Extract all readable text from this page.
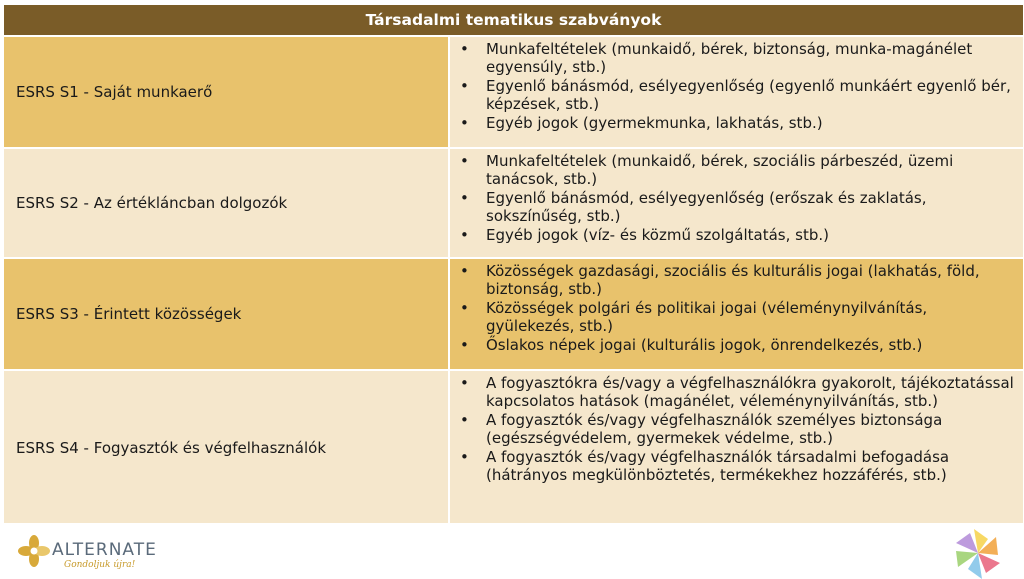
Társadalmi tematikus szabványok
ESRS S1 - Saját munkaerő
• Munkafeltételek (munkaidő, bérek, biztonság, munka-magánélet egyensúly, stb.)
• Egyenlő bánásmód, esélyegyenlőség (egyenlő munkáért egyenlő bér, képzések, stb.)
• Egyéb jogok (gyermekmunka, lakhatás, stb.)
ESRS S2 - Az értékláncban dolgozók
• Munkafeltételek (munkaidő, bérek, szociális párbeszéd, üzemi tanácsok, stb.)
• Egyenlő bánásmód, esélyegyenlőség (erőszak és zaklatás, sokszínűség, stb.)
• Egyéb jogok (víz- és közmű szolgáltatás, stb.)
ESRS S3 - Érintett közösségek
• Közösségek gazdasági, szociális és kulturális jogai (lakhatás, föld, biztonság, stb.)
• Közösségek polgári és politikai jogai (véleménynyilvánítás, gyülekezés, stb.)
• Őslakos népek jogai (kulturális jogok, önrendelkezés, stb.)
ESRS S4 - Fogyasztók és végfelhasználók
• A fogyasztókra és/vagy a végfelhasználókra gyakorolt, tájékoztatással kapcsolatos hatások (magánélet, véleménynyilvánítás, stb.)
• A fogyasztók és/vagy végfelhasználók személyes biztonsága (egészségvédelem, gyermekek védelme, stb.)
• A fogyasztók és/vagy végfelhasználók társadalmi befogadása (hátrányos megkülönböztetés, termékekhez hozzáférés, stb.)
ALTERNATE
Gondoljuk újra!
